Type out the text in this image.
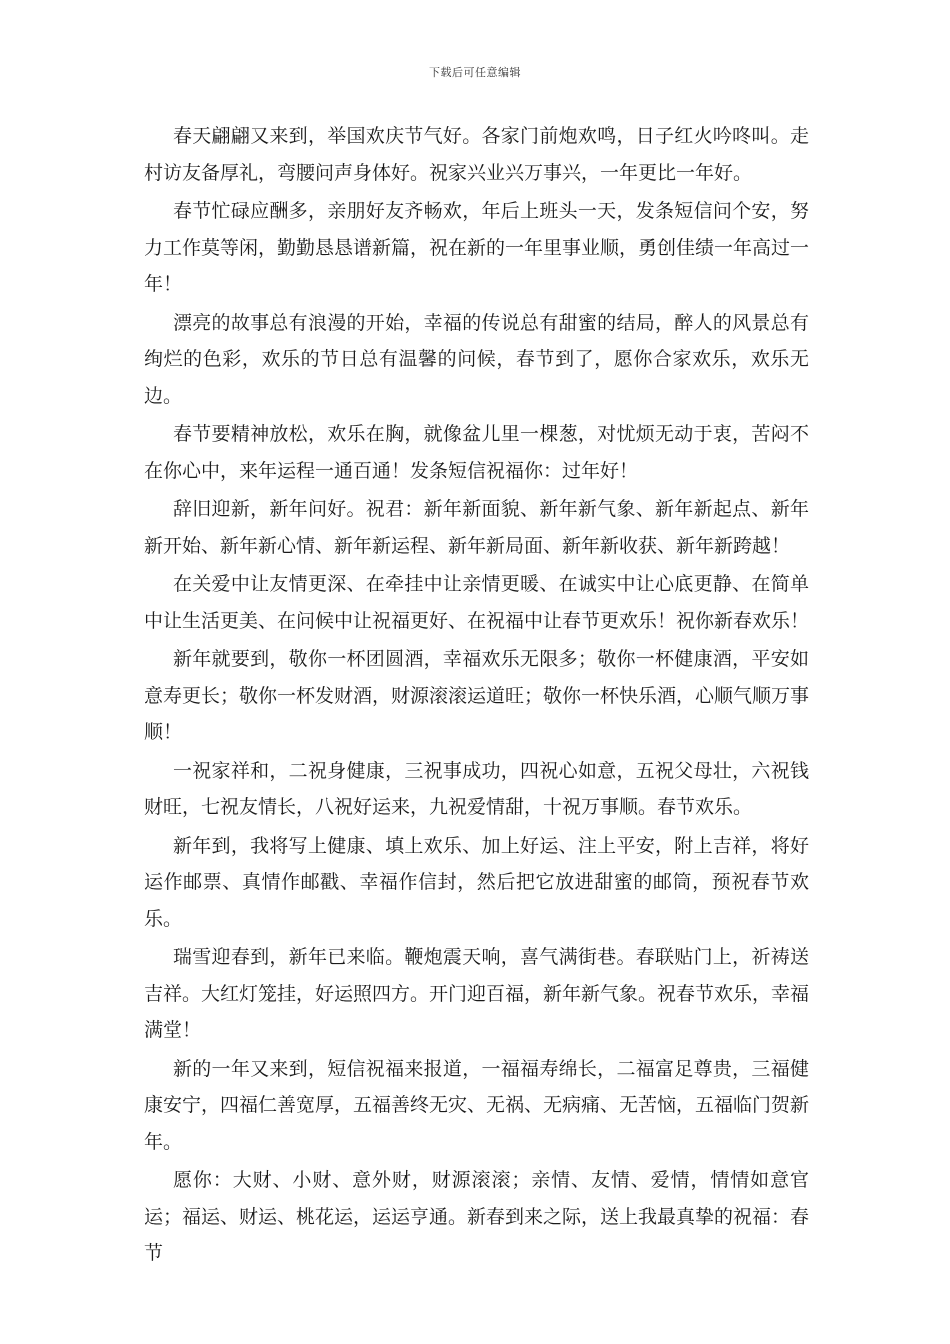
下载后可任意编辑

春天翩翩又来到，举国欢庆节气好。各家门前炮欢鸣，日子红火吟咚叫。走村访友备厚礼，弯腰问声身体好。祝家兴业兴万事兴，一年更比一年好。

春节忙碌应酬多，亲朋好友齐畅欢，年后上班头一天，发条短信问个安，努力工作莫等闲，勤勤恳恳谱新篇，祝在新的一年里事业顺，勇创佳绩一年高过一年！

漂亮的故事总有浪漫的开始，幸福的传说总有甜蜜的结局，醉人的风景总有绚烂的色彩，欢乐的节日总有温馨的问候，春节到了，愿你合家欢乐，欢乐无边。

春节要精神放松，欢乐在胸，就像盆儿里一棵葱，对忧烦无动于衷，苦闷不在你心中，来年运程一通百通！发条短信祝福你：过年好！

辞旧迎新，新年问好。祝君：新年新面貌、新年新气象、新年新起点、新年新开始、新年新心情、新年新运程、新年新局面、新年新收获、新年新跨越！

在关爱中让友情更深、在牵挂中让亲情更暖、在诚实中让心底更静、在简单中让生活更美、在问候中让祝福更好、在祝福中让春节更欢乐！祝你新春欢乐！

新年就要到，敬你一杯团圆酒，幸福欢乐无限多；敬你一杯健康酒，平安如意寿更长；敬你一杯发财酒，财源滚滚运道旺；敬你一杯快乐酒，心顺气顺万事顺！

一祝家祥和，二祝身健康，三祝事成功，四祝心如意，五祝父母壮，六祝钱财旺，七祝友情长，八祝好运来，九祝爱情甜，十祝万事顺。春节欢乐。

新年到，我将写上健康、填上欢乐、加上好运、注上平安，附上吉祥，将好运作邮票、真情作邮戳、幸福作信封，然后把它放进甜蜜的邮筒，预祝春节欢乐。

瑞雪迎春到，新年已来临。鞭炮震天响，喜气满街巷。春联贴门上，祈祷送吉祥。大红灯笼挂，好运照四方。开门迎百福，新年新气象。祝春节欢乐，幸福满堂！

新的一年又来到，短信祝福来报道，一福福寿绵长，二福富足尊贵，三福健康安宁，四福仁善宽厚，五福善终无灾、无祸、无病痛、无苦恼，五福临门贺新年。

愿你：大财、小财、意外财，财源滚滚；亲情、友情、爱情，情情如意官运；福运、财运、桃花运，运运亨通。新春到来之际，送上我最真挚的祝福：春节
